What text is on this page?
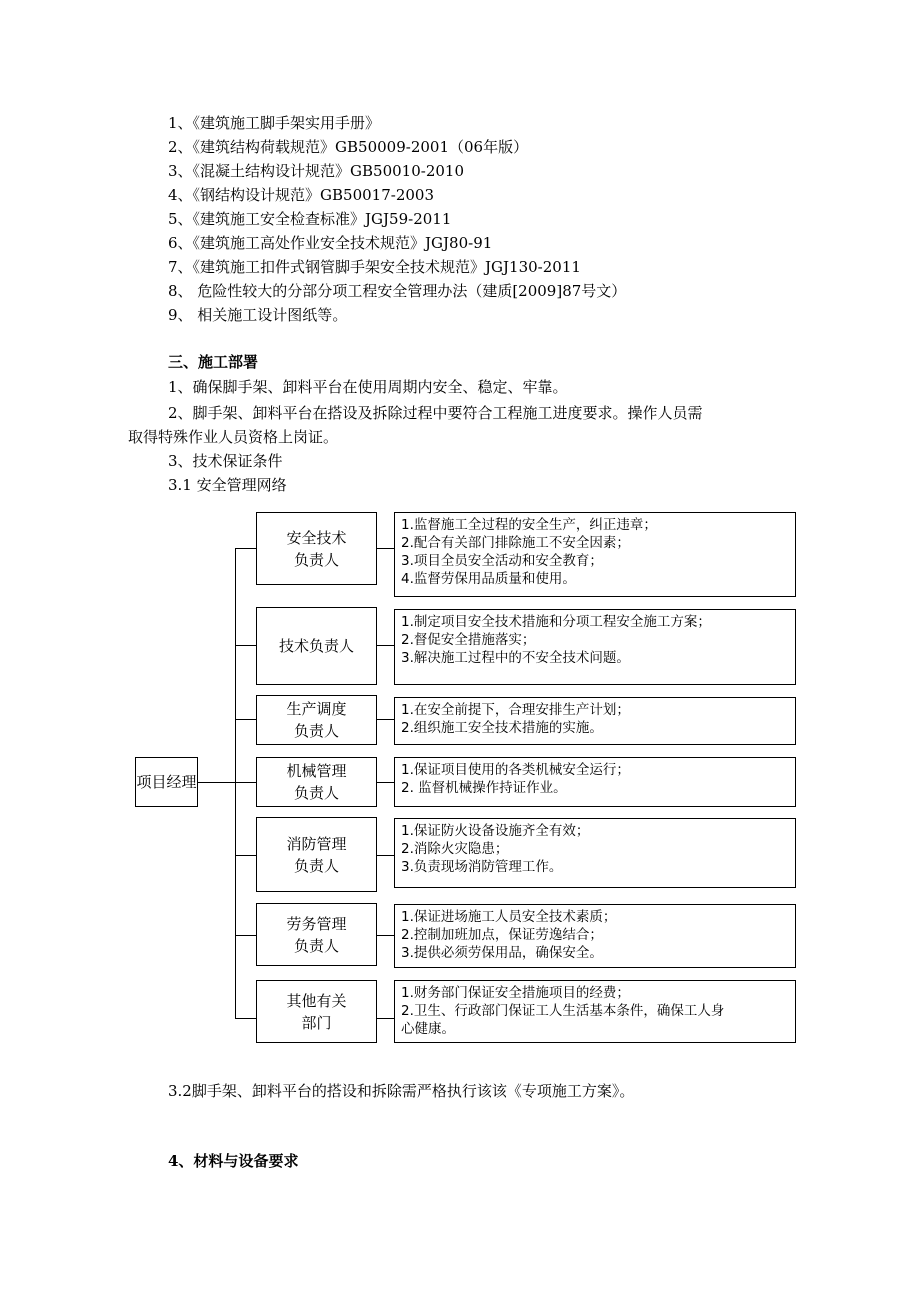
1、《建筑施工脚手架实用手册》
2、《建筑结构荷载规范》GB50009-2001（06年版）
3、《混凝土结构设计规范》GB50010-2010
4、《钢结构设计规范》GB50017-2003
5、《建筑施工安全检查标准》JGJ59-2011
6、《建筑施工高处作业安全技术规范》JGJ80-91
7、《建筑施工扣件式钢管脚手架安全技术规范》JGJ130-2011
8、 危险性较大的分部分项工程安全管理办法（建质[2009]87号文）
9、 相关施工设计图纸等。
三、施工部署
1、确保脚手架、卸料平台在使用周期内安全、稳定、牢靠。
2、脚手架、卸料平台在搭设及拆除过程中要符合工程施工进度要求。操作人员需
取得特殊作业人员资格上岗证。
3、技术保证条件
3.1 安全管理网络
项目经理
安全技术
负责人
技术负责人
生产调度
负责人
机械管理
负责人
消防管理
负责人
劳务管理
负责人
其他有关
部门
1.监督施工全过程的安全生产，纠正违章；
2.配合有关部门排除施工不安全因素；
3.项目全员安全活动和安全教育；
4.监督劳保用品质量和使用。
1.制定项目安全技术措施和分项工程安全施工方案；
2.督促安全措施落实；
3.解决施工过程中的不安全技术问题。
1.在安全前提下，合理安排生产计划；
2.组织施工安全技术措施的实施。
1.保证项目使用的各类机械安全运行；
2. 监督机械操作持证作业。
1.保证防火设备设施齐全有效；
2.消除火灾隐患；
3.负责现场消防管理工作。
1.保证进场施工人员安全技术素质；
2.控制加班加点，保证劳逸结合；
3.提供必须劳保用品，确保安全。
1.财务部门保证安全措施项目的经费；
2.卫生、行政部门保证工人生活基本条件，确保工人身
心健康。
3.2脚手架、卸料平台的搭设和拆除需严格执行该该《专项施工方案》。
4、材料与设备要求
